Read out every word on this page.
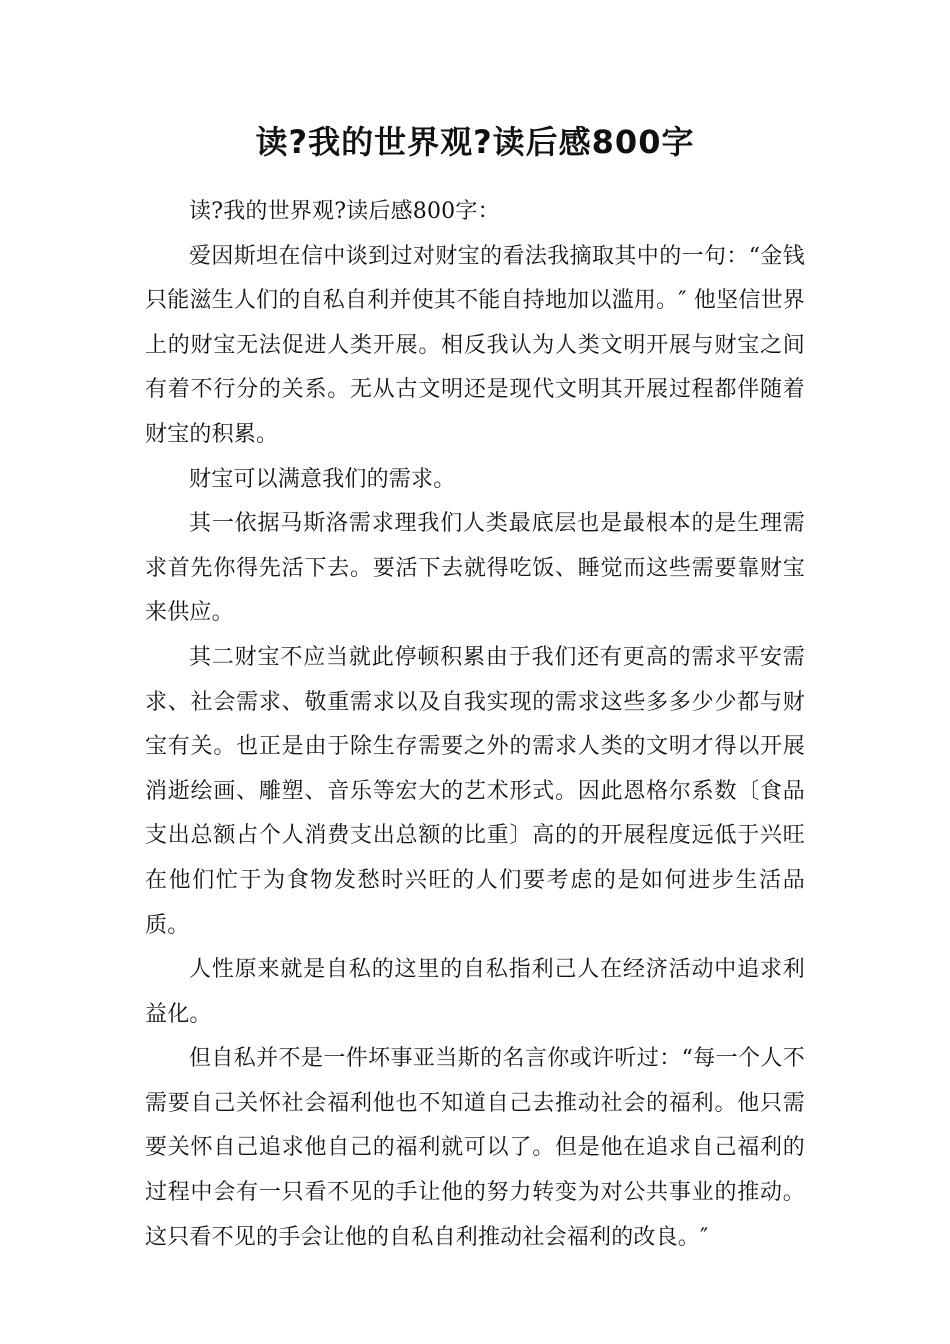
读?我的世界观?读后感800字

读?我的世界观?读后感800字：

爱因斯坦在信中谈到过对财宝的看法我摘取其中的一句：“金钱只能滋生人们的自私自利并使其不能自持地加以滥用。″ 他坚信世界上的财宝无法促进人类开展。相反我认为人类文明开展与财宝之间有着不行分的关系。无从古文明还是现代文明其开展过程都伴随着财宝的积累。

财宝可以满意我们的需求。

其一依据马斯洛需求理我们人类最底层也是最根本的是生理需求首先你得先活下去。要活下去就得吃饭、睡觉而这些需要靠财宝来供应。

其二财宝不应当就此停顿积累由于我们还有更高的需求平安需求、社会需求、敬重需求以及自我实现的需求这些多多少少都与财宝有关。也正是由于除生存需要之外的需求人类的文明才得以开展消逝绘画、雕塑、音乐等宏大的艺术形式。因此恩格尔系数〔食品支出总额占个人消费支出总额的比重〕高的的开展程度远低于兴旺在他们忙于为食物发愁时兴旺的人们要考虑的是如何进步生活品质。

人性原来就是自私的这里的自私指利己人在经济活动中追求利益化。

但自私并不是一件坏事亚当斯的名言你或许听过：“每一个人不需要自己关怀社会福利他也不知道自己去推动社会的福利。他只需要关怀自己追求他自己的福利就可以了。但是他在追求自己福利的过程中会有一只看不见的手让他的努力转变为对公共事业的推动。这只看不见的手会让他的自私自利推动社会福利的改良。″
